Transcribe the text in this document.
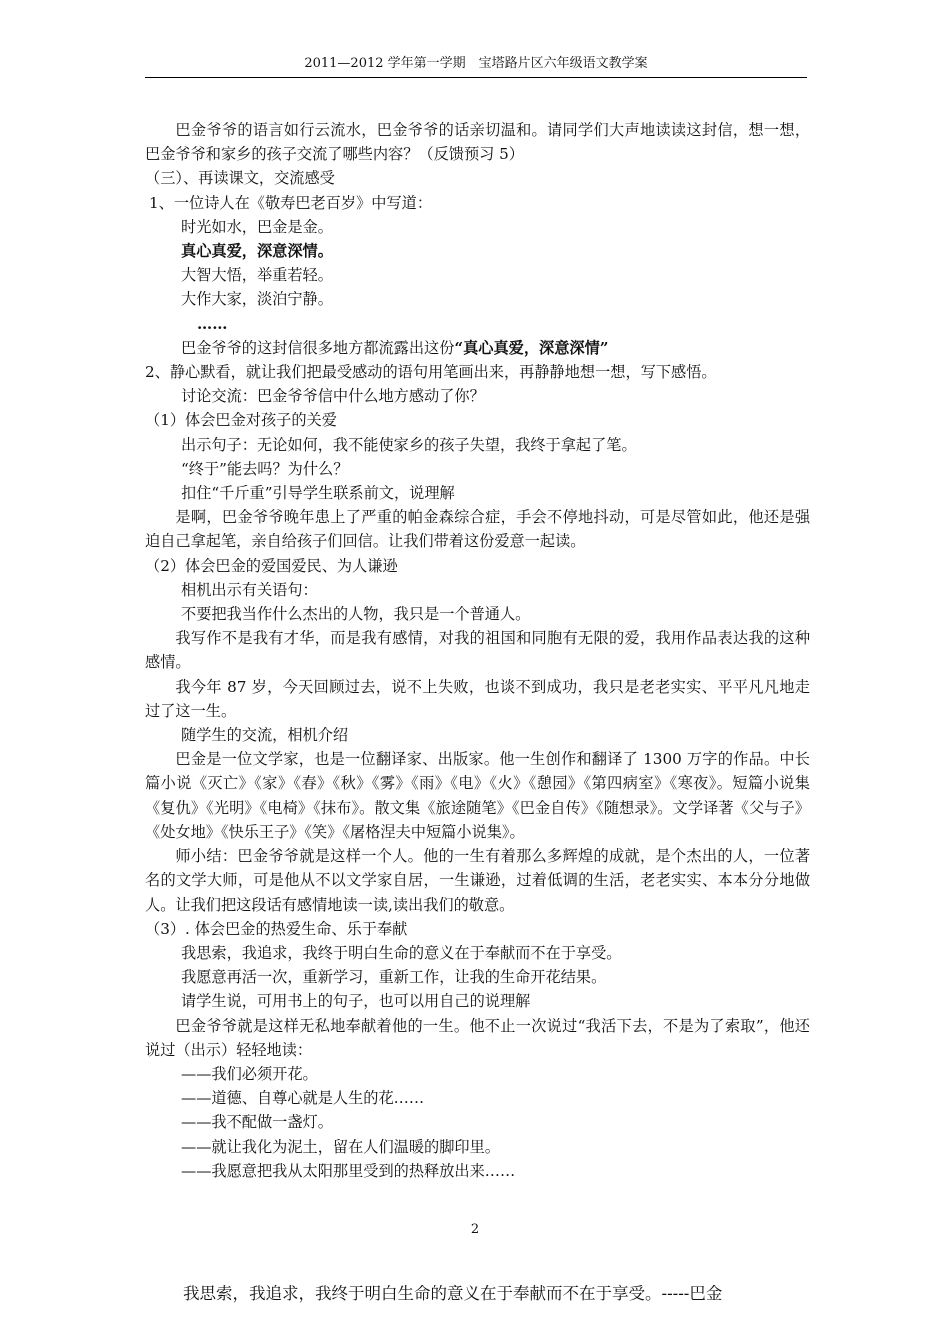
2011—2012 学年第一学期　宝塔路片区六年级语文教学案

巴金爷爷的语言如行云流水，巴金爷爷的话亲切温和。请同学们大声地读读这封信，想一想，巴金爷爷和家乡的孩子交流了哪些内容？（反馈预习 5）

（三）、再读课文，交流感受

1、一位诗人在《敬寿巴老百岁》中写道：

时光如水，巴金是金。

真心真爱，深意深情。

大智大悟，举重若轻。

大作大家，淡泊宁静。

……

巴金爷爷的这封信很多地方都流露出这份“真心真爱，深意深情”

2、静心默看，就让我们把最受感动的语句用笔画出来，再静静地想一想，写下感悟。

讨论交流：巴金爷爷信中什么地方感动了你？

（1）体会巴金对孩子的关爱

出示句子：无论如何，我不能使家乡的孩子失望，我终于拿起了笔。

“终于”能去吗？为什么？

扣住“千斤重”引导学生联系前文，说理解

是啊，巴金爷爷晚年患上了严重的帕金森综合症，手会不停地抖动，可是尽管如此，他还是强迫自己拿起笔，亲自给孩子们回信。让我们带着这份爱意一起读。

（2）体会巴金的爱国爱民、为人谦逊

相机出示有关语句：

不要把我当作什么杰出的人物，我只是一个普通人。

我写作不是我有才华，而是我有感情，对我的祖国和同胞有无限的爱，我用作品表达我的这种感情。

我今年 87 岁，今天回顾过去，说不上失败，也谈不到成功，我只是老老实实、平平凡凡地走过了这一生。

随学生的交流，相机介绍

巴金是一位文学家，也是一位翻译家、出版家。他一生创作和翻译了 1300 万字的作品。中长篇小说《灭亡》《家》《春》《秋》《雾》《雨》《电》《火》《憩园》《第四病室》《寒夜》。短篇小说集《复仇》《光明》《电椅》《抹布》。散文集《旅途随笔》《巴金自传》《随想录》。文学译著《父与子》《处女地》《快乐王子》《笑》《屠格涅夫中短篇小说集》。

师小结：巴金爷爷就是这样一个人。他的一生有着那么多辉煌的成就，是个杰出的人，一位著名的文学大师，可是他从不以文学家自居，一生谦逊，过着低调的生活，老老实实、本本分分地做人。让我们把这段话有感情地读一读,读出我们的敬意。

（3）. 体会巴金的热爱生命、乐于奉献

我思索，我追求，我终于明白生命的意义在于奉献而不在于享受。

我愿意再活一次，重新学习，重新工作，让我的生命开花结果。

请学生说，可用书上的句子，也可以用自己的说理解

巴金爷爷就是这样无私地奉献着他的一生。他不止一次说过“我活下去，不是为了索取”，他还说过（出示）轻轻地读：

——我们必须开花。

——道德、自尊心就是人生的花……

——我不配做一盏灯。

——就让我化为泥土，留在人们温暖的脚印里。

——我愿意把我从太阳那里受到的热释放出来……

2
我思索，我追求，我终于明白生命的意义在于奉献而不在于享受。-----巴金
